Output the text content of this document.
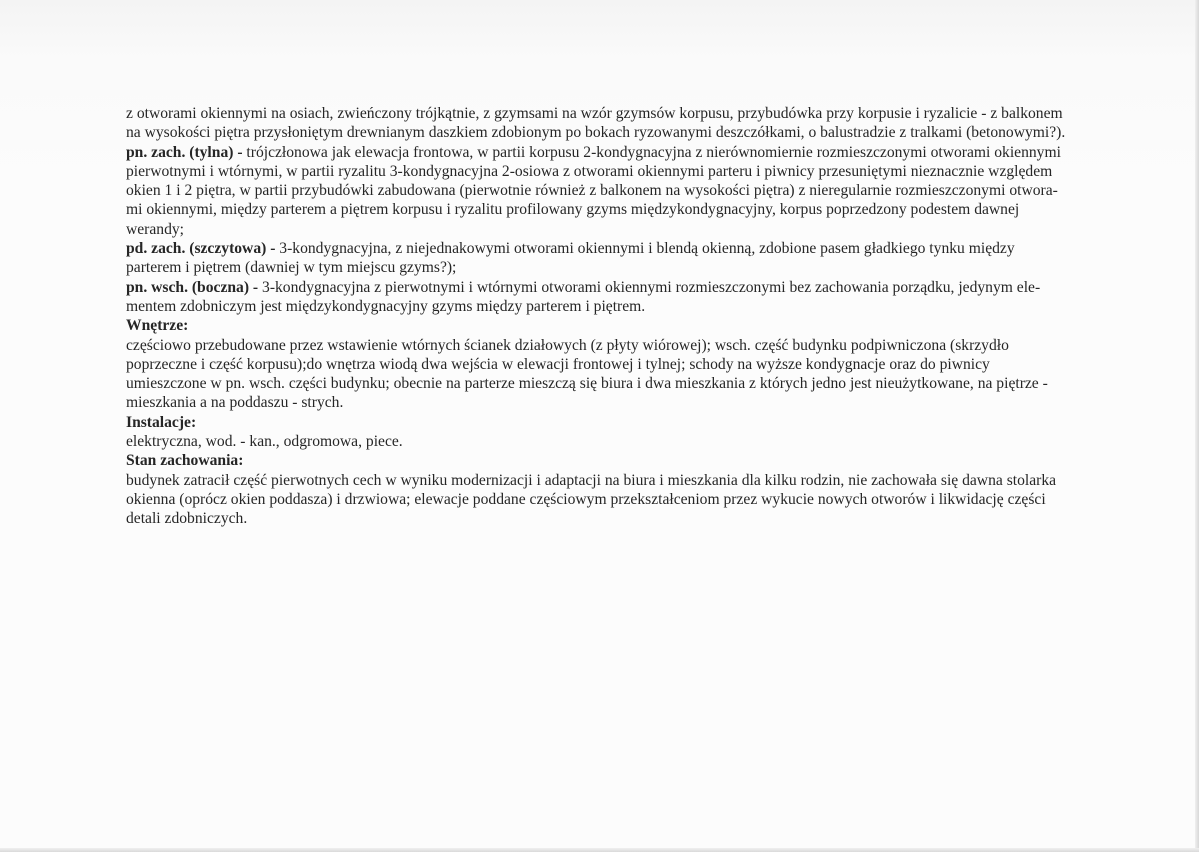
z otworami okiennymi na osiach, zwieńczony trójkątnie, z gzymsami na wzór gzymsów korpusu, przybudówka przy korpusie i ryzalicie - z balkonem

na wysokości piętra przysłoniętym drewnianym daszkiem zdobionym po bokach ryzowanymi deszczółkami, o balustradzie z tralkami (betonowymi?).

pn. zach. (tylna) - trójczłonowa jak elewacja frontowa, w partii korpusu 2-kondygnacyjna z nierównomiernie rozmieszczonymi otworami okiennymi

pierwotnymi i wtórnymi, w partii ryzalitu 3-kondygnacyjna 2-osiowa z otworami okiennymi parteru i piwnicy przesuniętymi nieznacznie względem

okien 1 i 2 piętra, w partii przybudówki zabudowana (pierwotnie również z balkonem na wysokości piętra) z nieregularnie rozmieszczonymi otwora-

mi okiennymi, między parterem a piętrem korpusu i ryzalitu profilowany gzyms międzykondygnacyjny, korpus poprzedzony podestem dawnej

werandy;

pd. zach. (szczytowa) - 3-kondygnacyjna, z niejednakowymi otworami okiennymi i blendą okienną, zdobione pasem gładkiego tynku między

parterem i piętrem (dawniej w tym miejscu gzyms?);

pn. wsch. (boczna) - 3-kondygnacyjna z pierwotnymi i wtórnymi otworami okiennymi rozmieszczonymi bez zachowania porządku, jedynym ele-

mentem zdobniczym jest międzykondygnacyjny gzyms między parterem i piętrem.

Wnętrze:

częściowo przebudowane przez wstawienie wtórnych ścianek działowych (z płyty wiórowej); wsch. część budynku podpiwniczona (skrzydło

poprzeczne i część korpusu);do wnętrza wiodą dwa wejścia w elewacji frontowej i tylnej; schody na wyższe kondygnacje oraz do piwnicy

umieszczone w pn. wsch. części budynku; obecnie na parterze mieszczą się biura i dwa mieszkania z których jedno jest nieużytkowane, na piętrze -

mieszkania a na poddaszu - strych.

Instalacje:

elektryczna, wod. - kan., odgromowa, piece.

Stan zachowania:

budynek zatracił część pierwotnych cech w wyniku modernizacji i adaptacji na biura i mieszkania dla kilku rodzin, nie zachowała się dawna stolarka

okienna (oprócz okien poddasza) i drzwiowa; elewacje poddane częściowym przekształceniom przez wykucie nowych otworów i likwidację części

detali zdobniczych.
